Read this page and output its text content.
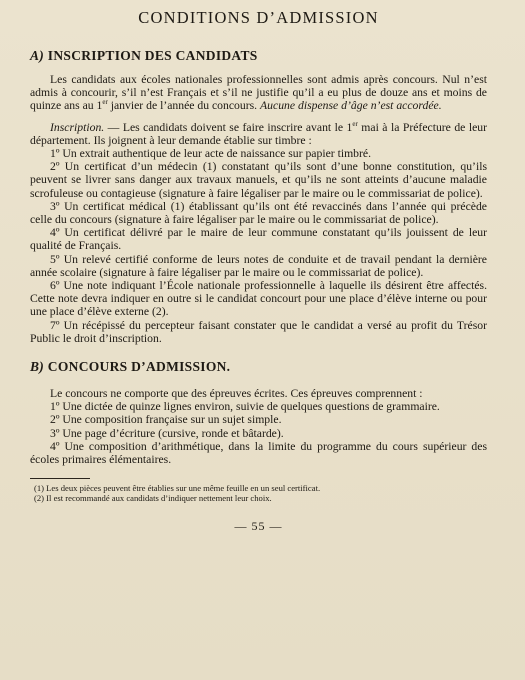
CONDITIONS D’ADMISSION
A) INSCRIPTION DES CANDIDATS

Les candidats aux écoles nationales professionnelles sont admis après concours. Nul n’est admis à concourir, s’il n’est Français et s’il ne justifie qu’il a eu plus de douze ans et moins de quinze ans au 1er janvier de l’année du concours. Aucune dispense d’âge n’est accordée.

Inscription. — Les candidats doivent se faire inscrire avant le 1er mai à la Préfecture de leur département. Ils joignent à leur demande établie sur timbre :

1º Un extrait authentique de leur acte de naissance sur papier timbré.

2º Un certificat d’un médecin (1) constatant qu’ils sont d’une bonne constitution, qu’ils peuvent se livrer sans danger aux travaux manuels, et qu’ils ne sont atteints d’aucune maladie scrofuleuse ou contagieuse (signature à faire légaliser par le maire ou le commissariat de police).

3º Un certificat médical (1) établissant qu’ils ont été revaccinés dans l’année qui précède celle du concours (signature à faire légaliser par le maire ou le commissariat de police).

4º Un certificat délivré par le maire de leur commune constatant qu’ils jouissent de leur qualité de Français.

5º Un relevé certifié conforme de leurs notes de conduite et de travail pendant la dernière année scolaire (signature à faire légaliser par le maire ou le commissariat de police).

6º Une note indiquant l’École nationale professionnelle à laquelle ils désirent être affectés. Cette note devra indiquer en outre si le candidat concourt pour une place d’élève interne ou pour une place d’élève externe (2).

7º Un récépissé du percepteur faisant constater que le candidat a versé au profit du Trésor Public le droit d’inscription.

B) CONCOURS D’ADMISSION.

Le concours ne comporte que des épreuves écrites. Ces épreuves comprennent :

1º Une dictée de quinze lignes environ, suivie de quelques questions de grammaire.

2º Une composition française sur un sujet simple.

3º Une page d’écriture (cursive, ronde et bâtarde).

4º Une composition d’arithmétique, dans la limite du programme du cours supérieur des écoles primaires élémentaires.

(1) Les deux pièces peuvent être établies sur une même feuille en un seul certificat.

(2) Il est recommandé aux candidats d’indiquer nettement leur choix.

— 55 —
